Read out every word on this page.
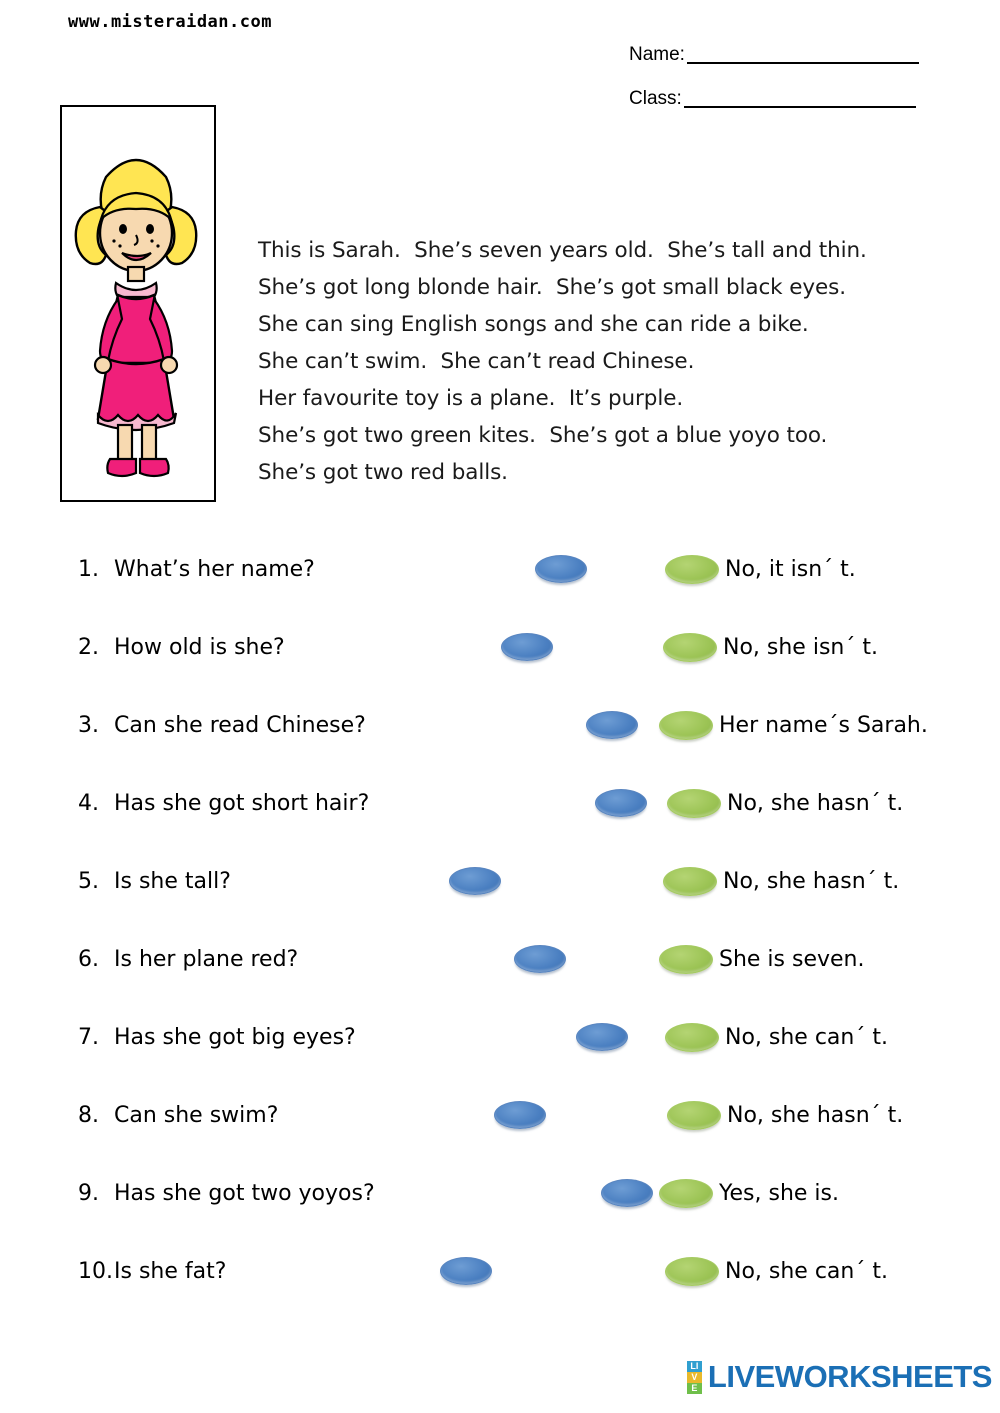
www.misteraidan.com
Name:
Class:
This is Sarah.  She’s seven years old.  She’s tall and thin.
She’s got long blonde hair.  She’s got small black eyes.
She can sing English songs and she can ride a bike.
She can’t swim.  She can’t read Chinese.
Her favourite toy is a plane.  It’s purple.
She’s got two green kites.  She’s got a blue yoyo too.
She’s got two red balls.
1. What’s her name?	No, it isn´ t.
2. How old is she?	No, she isn´ t.
3. Can she read Chinese?	Her name´s Sarah.
4. Has she got short hair?	No, she hasn´ t.
5. Is she tall?	No, she hasn´ t.
6. Is her plane red?	She is seven.
7. Has she got big eyes?	No, she can´ t.
8. Can she swim?	No, she hasn´ t.
9. Has she got two yoyos?	Yes, she is.
10. Is she fat?	No, she can´ t.
LI
V
E LIVEWORKSHEETS
